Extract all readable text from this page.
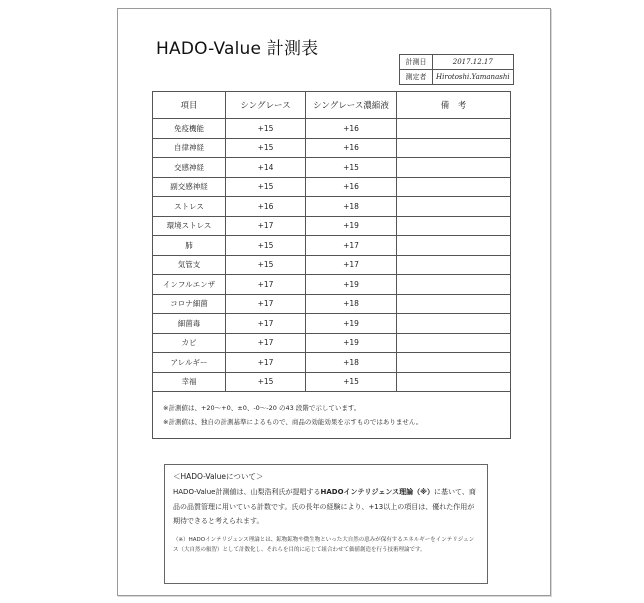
HADO-Value 計測表
計測日	2017.12.17
測定者	Hirotoshi.Yamanashi
項目	シングレース	シングレース濃縮液	備　考
免疫機能	+15	+16	
自律神経	+15	+16	
交感神経	+14	+15	
副交感神経	+15	+16	
ストレス	+16	+18	
環境ストレス	+17	+19	
肺	+15	+17	
気管支	+15	+17	
インフルエンザ	+17	+19	
コロナ細菌	+17	+18	
細菌毒	+17	+19	
カビ	+17	+19	
アレルギー	+17	+18	
幸福	+15	+15	

※計測値は、+20～+0、±0、-0～-20 の43 段階で示しています。
※計測値は、独自の計測基準によるもので、商品の効能効果を示すものではありません。			
＜HADO-Valueについて＞
HADO-Value計測値は、山梨浩利氏が提唱するHADOインテリジェンス理論（※）に基いて、商品の品質管理に用いている計数です。氏の長年の経験により、+13以上の項目は、優れた作用が期待できると考えられます。
（※）HADOインテリジェンス理論とは、鉱物鉱物や微生物といった大自然の恵みが保有するエネルギーをインテリジェンス（大自然の叡智）として計数化し、それらを目的に応じて組合わせて価値創造を行う技術理論です。
